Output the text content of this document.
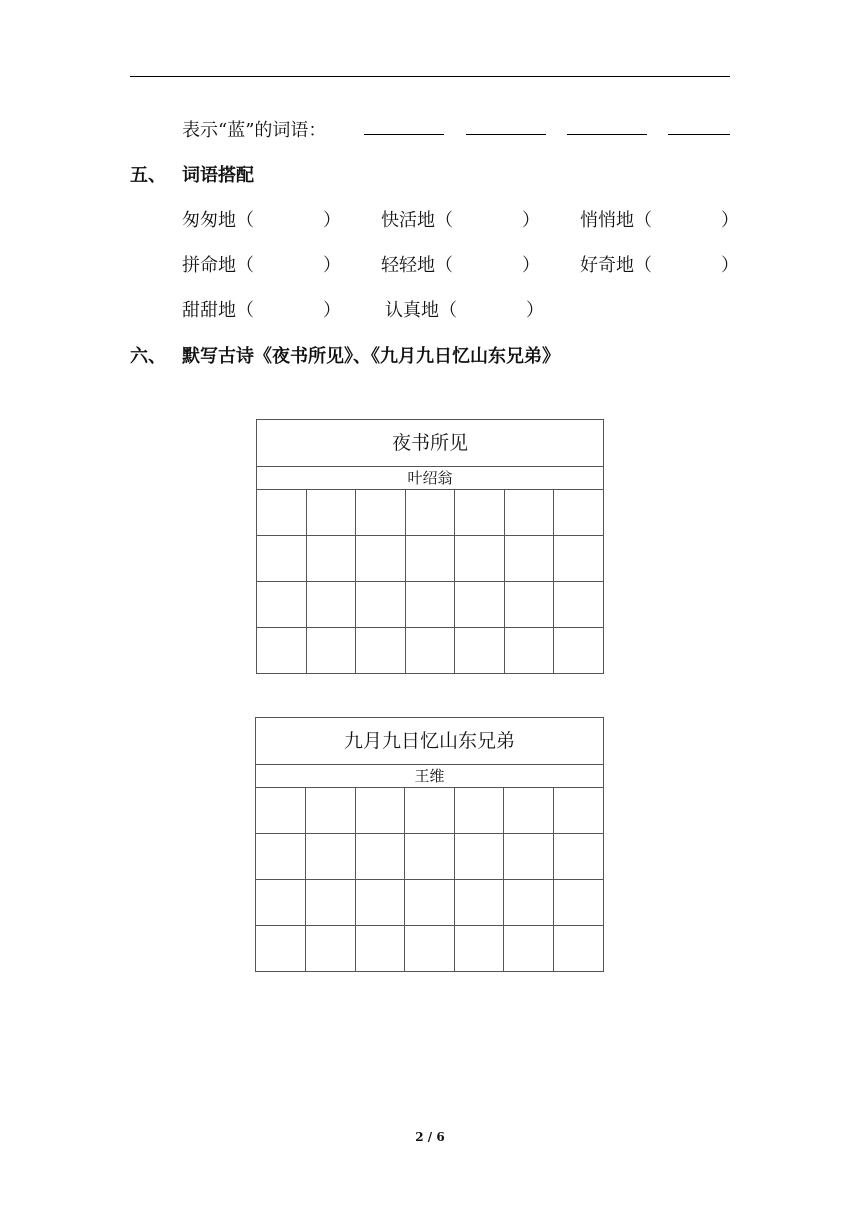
表示“蓝”的词语：
五、 词语搭配
匆匆地（	） 快活地（	） 悄悄地（	）
拼命地（	） 轻轻地（	） 好奇地（	）
甜甜地（	） 认真地（	）
六、 默写古诗《夜书所见》、《九月九日忆山东兄弟》
夜书所见
叶绍翁

九月九日忆山东兄弟
王维

2 / 6
